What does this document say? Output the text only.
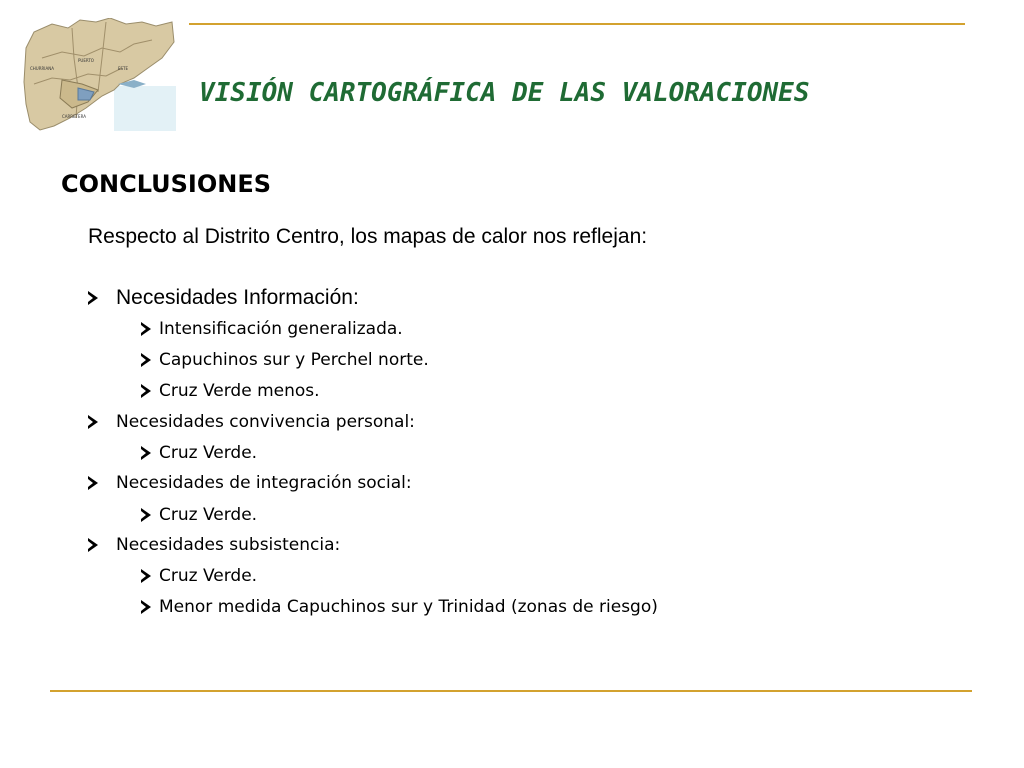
CHURRIANA
PUERTO
ESTE
CARRETERA
VISIÓN CARTOGRÁFICA DE LAS VALORACIONES
CONCLUSIONES
Respecto al Distrito Centro, los mapas de calor nos reflejan:
Necesidades Información:
Intensificación generalizada.
Capuchinos sur y Perchel norte.
Cruz Verde menos.
Necesidades convivencia personal:
Cruz Verde.
Necesidades de integración social:
Cruz Verde.
Necesidades subsistencia:
Cruz Verde.
Menor medida Capuchinos sur y Trinidad (zonas de riesgo)
